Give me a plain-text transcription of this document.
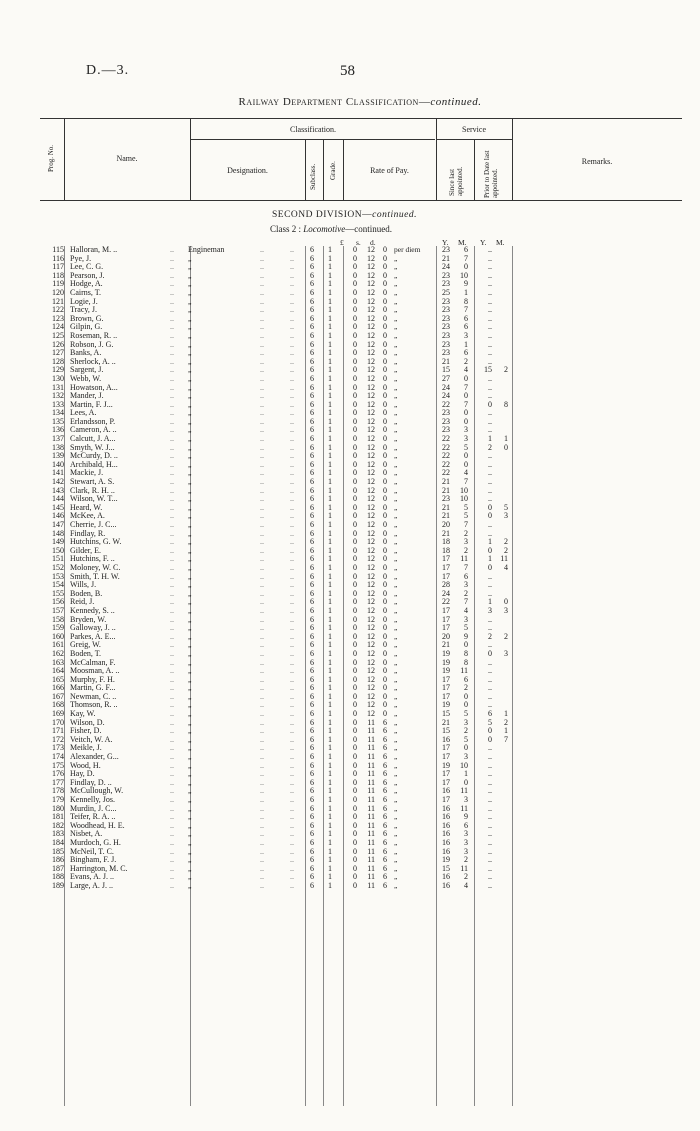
D.—3.	58
Railway Department Classification—continued.
Prog. No.	Name.
Classification.
Designation.	Subclass. Grade.	Rate of Pay.
Service
Since last appointed.	Prior to Date last appointed.
Remarks.
SECOND DIVISION—continued.
Class 2 : Locomotive—continued.
£ s. d.	Y. M. Y. M.
..	..	..
115 Halloran, M. ..	Engineman	6	1	0	12 0 per diem	23	6	..
..	..	..
116 Pye, J.	„	6	1	0	12 0 „	21	7	..
..	..	..
117 Lee, C. G.	„	6	1	0	12 0 „	24	0	..
..	..	..
118 Pearson, J.	„	6	1	0	12 0 „	23	10	..
..	..	..
119 Hodge, A.	„	6	1	0	12 0 „	23	9	..
..	..	..
120 Cairns, T.	„	6	1	0	12 0 „	25	1	..
..	..	..
121 Logie, J.	„	6	1	0	12 0 „	23	8	..
..	..	..
122 Tracy, J.	„	6	1	0	12 0 „	23	7	..
..	..	..
123 Brown, G.	„	6	1	0	12 0 „	23	6	..
..	..	..
124 Gilpin, G.	„	6	1	0	12 0 „	23	6	..
..	..	..
125 Roseman, R. ..	„	6	1	0	12 0 „	23	3	..
..	..	..
126 Robson, J. G.	„	6	1	0	12 0 „	23	1	..
..	..	..
127 Banks, A.	„	6	1	0	12 0 „	23	6	..
..	..	..
128 Sherlock, A. ..	„	6	1	0	12 0 „	21	2	..
..	..	..
129 Sargent, J.	„	6	1	0	12 0 „	15	4	15	2
..	..	..
130 Webb, W.	„	6	1	0	12 0 „	27	0	..
..	..	..
131 Howatson, A...	„	6	1	0	12 0 „	24	7	..
..	..	..
132 Mander, J.	„	6	1	0	12 0 „	24	0	..
..	..	..
133 Martin, F. J...	„	6	1	0	12 0 „	22	7	0	8
..	..	..
134 Lees, A.	„	6	1	0	12 0 „	23	0	..
..	..	..
135 Erlandsson, P.	„	6	1	0	12 0 „	23	0	..
..	..	..
136 Cameron, A. ..	„	6	1	0	12 0 „	23	3	..
..	..	..
137 Calcutt, J. A...	„	6	1	0	12 0 „	22	3	1	1
..	..	..
138 Smyth, W. J...	„	6	1	0	12 0 „	22	5	2	0
..	..	..
139 McCurdy, D. ..	„	6	1	0	12 0 „	22	0	..
..	..	..
140 Archibald, H...	„	6	1	0	12 0 „	22	0	..
..	..	..
141 Mackie, J.	„	6	1	0	12 0 „	22	4	..
..	..	..
142 Stewart, A. S.	„	6	1	0	12 0 „	21	7	..
..	..	..
143 Clark, R. H. ..	„	6	1	0	12 0 „	21	10	..
..	..	..
144 Wilson, W. T...	„	6	1	0	12 0 „	23	10	..
..	..	..
145 Heard, W.	„	6	1	0	12 0 „	21	5	0	5
..	..	..
146 McKee, A.	„	6	1	0	12 0 „	21	5	0	3
..	..	..
147 Cherrie, J. C...	„	6	1	0	12 0 „	20	7	..
..	..	..
148 Findlay, R.	„	6	1	0	12 0 „	21	2	..
..	..	..
149 Hutchins, G. W.	„	6	1	0	12 0 „	18	3	1	2
..	..	..
150 Gilder, E.	„	6	1	0	12 0 „	18	2	0	2
..	..	..
151 Hutchins, F. ..	„	6	1	0	12 0 „	17	11	1	11
..	..	..
152 Moloney, W. C.	„	6	1	0	12 0 „	17	7	0	4
..	..	..
153 Smith, T. H. W.	„	6	1	0	12 0 „	17	6	..
..	..	..
154 Wills, J.	„	6	1	0	12 0 „	28	3	..
..	..	..
155 Boden, B.	„	6	1	0	12 0 „	24	2	..
..	..	..
156 Reid, J.	„	6	1	0	12 0 „	22	7	1	0
..	..	..
157 Kennedy, S. ..	„	6	1	0	12 0 „	17	4	3	3
..	..	..
158 Bryden, W.	„	6	1	0	12 0 „	17	3	..
..	..	..
159 Galloway, J. ..	„	6	1	0	12 0 „	17	5	..
..	..	..
160 Parkes, A. E...	„	6	1	0	12 0 „	20	9	2	2
..	..	..
161 Greig, W.	„	6	1	0	12 0 „	21	0	..
..	..	..
162 Boden, T.	„	6	1	0	12 0 „	19	8	0	3
..	..	..
163 McCalman, F.	„	6	1	0	12 0 „	19	8	..
..	..	..
164 Moosman, A. ..	„	6	1	0	12 0 „	19	11	..
..	..	..
165 Murphy, F. H.	„	6	1	0	12 0 „	17	6	..
..	..	..
166 Martin, G. F...	„	6	1	0	12 0 „	17	2	..
..	..	..
167 Newman, C. ..	„	6	1	0	12 0 „	17	0	..
..	..	..
168 Thomson, R. ..	„	6	1	0	12 0 „	19	0	..
..	..	..
169 Kay, W.	„	6	1	0	12 0 „	15	5	6	1
..	..	..
170 Wilson, D.	„	6	1	0	11 6 „	21	3	5	2
..	..	..
171 Fisher, D.	„	6	1	0	11 6 „	15	2	0	1
..	..	..
172 Veitch, W. A.	„	6	1	0	11 6 „	16	5	0	7
..	..	..
173 Meikle, J.	„	6	1	0	11 6 „	17	0	..
..	..	..
174 Alexander, G...	„	6	1	0	11 6 „	17	3	..
..	..	..
175 Wood, H.	„	6	1	0	11 6 „	19	10	..
..	..	..
176 Hay, D.	„	6	1	0	11 6 „	17	1	..
..	..	..
177 Findlay, D. ..	„	6	1	0	11 6 „	17	0	..
..	..	..
178 McCullough, W.	„	6	1	0	11 6 „	16	11	..
..	..	..
179 Kennelly, Jos.	„	6	1	0	11 6 „	17	3	..
..	..	..
180 Murdin, J. C...	„	6	1	0	11 6 „	16	11	..
..	..	..
181 Teifer, R. A. ..	„	6	1	0	11 6 „	16	9	..
..	..	..
182 Woodhead, H. E.	„	6	1	0	11 6 „	16	6	..
..	..	..
183 Nisbet, A.	„	6	1	0	11 6 „	16	3	..
..	..	..
184 Murdoch, G. H.	„	6	1	0	11 6 „	16	3	..
..	..	..
185 McNeil, T. C.	„	6	1	0	11 6 „	16	3	..
..	..	..
186 Bingham, F. J.	„	6	1	0	11 6 „	19	2	..
..	..	..
187 Harrington, M. C.	„	6	1	0	11 6 „	15	11	..
..	..	..
188 Evans, A. J. ..	„	6	1	0	11 6 „	16	2	..
..	..	..
189 Large, A. J. ..	„	6	1	0	11 6 „	16	4	..
